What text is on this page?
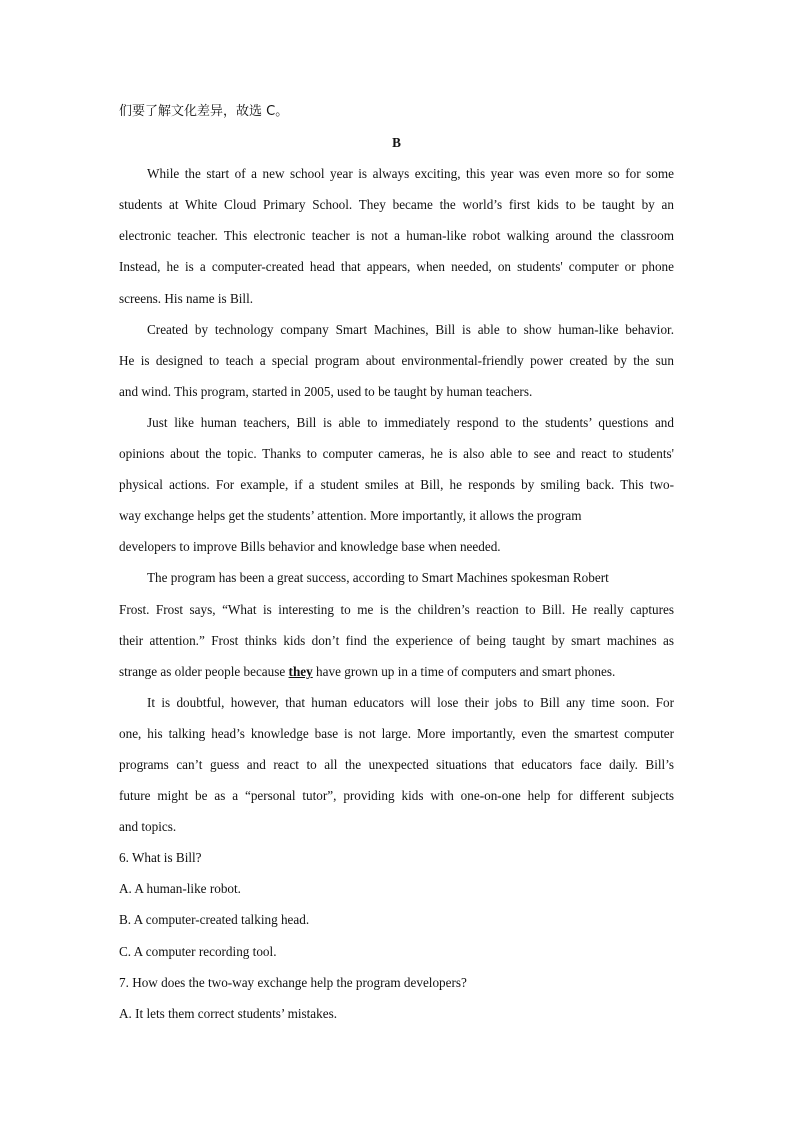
们要了解文化差异，故选 C。
B
While the start of a new school year is always exciting, this year was even more so for some
students at White Cloud Primary School. They became the world’s first kids to be taught by an
electronic teacher. This electronic teacher is not a human-like robot walking around the classroom
Instead, he is a computer-created head that appears, when needed, on students' computer or phone
screens. His name is Bill.
Created by technology company Smart Machines, Bill is able to show human-like behavior.
He is designed to teach a special program about environmental-friendly power created by the sun
and wind. This program, started in 2005, used to be taught by human teachers.
Just like human teachers, Bill is able to immediately respond to the students’ questions and
opinions about the topic. Thanks to computer cameras, he is also able to see and react to students'
physical actions. For example, if a student smiles at Bill, he responds by smiling back. This two-
way exchange helps get the students’ attention. More importantly, it allows the program
developers to improve Bills behavior and knowledge base when needed.
The program has been a great success, according to Smart Machines spokesman Robert
Frost. Frost says, “What is interesting to me is the children’s reaction to Bill. He really captures
their attention.” Frost thinks kids don’t find the experience of being taught by smart machines as
strange as older people because they have grown up in a time of computers and smart phones.
It is doubtful, however, that human educators will lose their jobs to Bill any time soon. For
one, his talking head’s knowledge base is not large. More importantly, even the smartest computer
programs can’t guess and react to all the unexpected situations that educators face daily. Bill’s
future might be as a “personal tutor”, providing kids with one-on-one help for different subjects
and topics.
6. What is Bill?
A. A human-like robot.
B. A computer-created talking head.
C. A computer recording tool.
7. How does the two-way exchange help the program developers?
A. It lets them correct students’ mistakes.
